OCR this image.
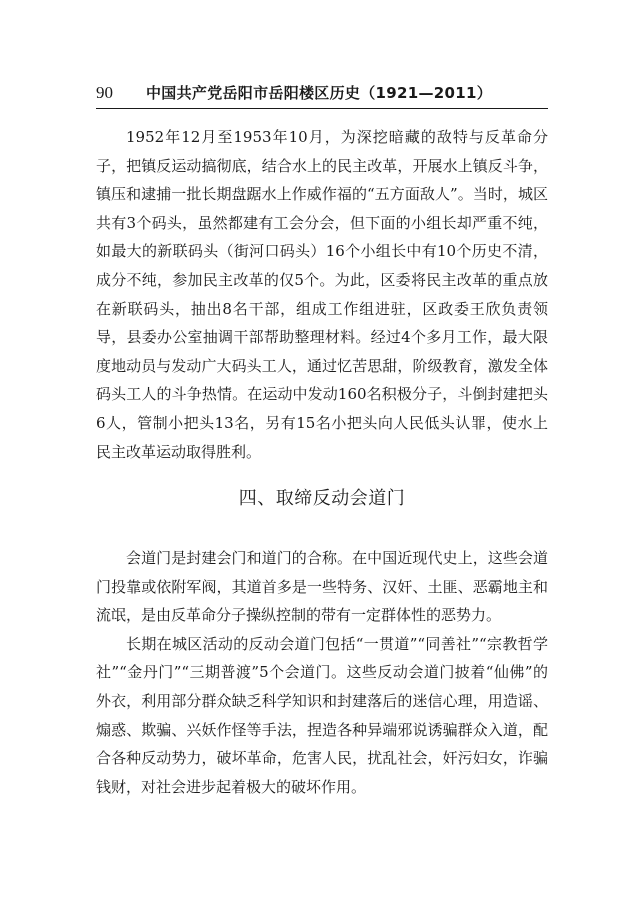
90	中国共产党岳阳市岳阳楼区历史（1921—2011）

1952年12月至1953年10月，为深挖暗藏的敌特与反革命分子，把镇反运动搞彻底，结合水上的民主改革，开展水上镇反斗争，镇压和逮捕一批长期盘踞水上作威作福的“五方面敌人”。当时，城区共有3个码头，虽然都建有工会分会，但下面的小组长却严重不纯，如最大的新联码头（街河口码头）16个小组长中有10个历史不清，成分不纯，参加民主改革的仅5个。为此，区委将民主改革的重点放在新联码头，抽出8名干部，组成工作组进驻，区政委王欣负责领导，县委办公室抽调干部帮助整理材料。经过4个多月工作，最大限度地动员与发动广大码头工人，通过忆苦思甜，阶级教育，激发全体码头工人的斗争热情。在运动中发动160名积极分子，斗倒封建把头6人，管制小把头13名，另有15名小把头向人民低头认罪，使水上民主改革运动取得胜利。

四、取缔反动会道门

会道门是封建会门和道门的合称。在中国近现代史上，这些会道门投靠或依附军阀，其道首多是一些特务、汉奸、土匪、恶霸地主和流氓，是由反革命分子操纵控制的带有一定群体性的恶势力。

长期在城区活动的反动会道门包括“一贯道”“同善社”“宗教哲学社”“金丹门”“三期普渡”5个会道门。这些反动会道门披着“仙佛”的外衣，利用部分群众缺乏科学知识和封建落后的迷信心理，用造谣、煽惑、欺骗、兴妖作怪等手法，捏造各种异端邪说诱骗群众入道，配合各种反动势力，破坏革命，危害人民，扰乱社会，奸污妇女，诈骗钱财，对社会进步起着极大的破坏作用。
